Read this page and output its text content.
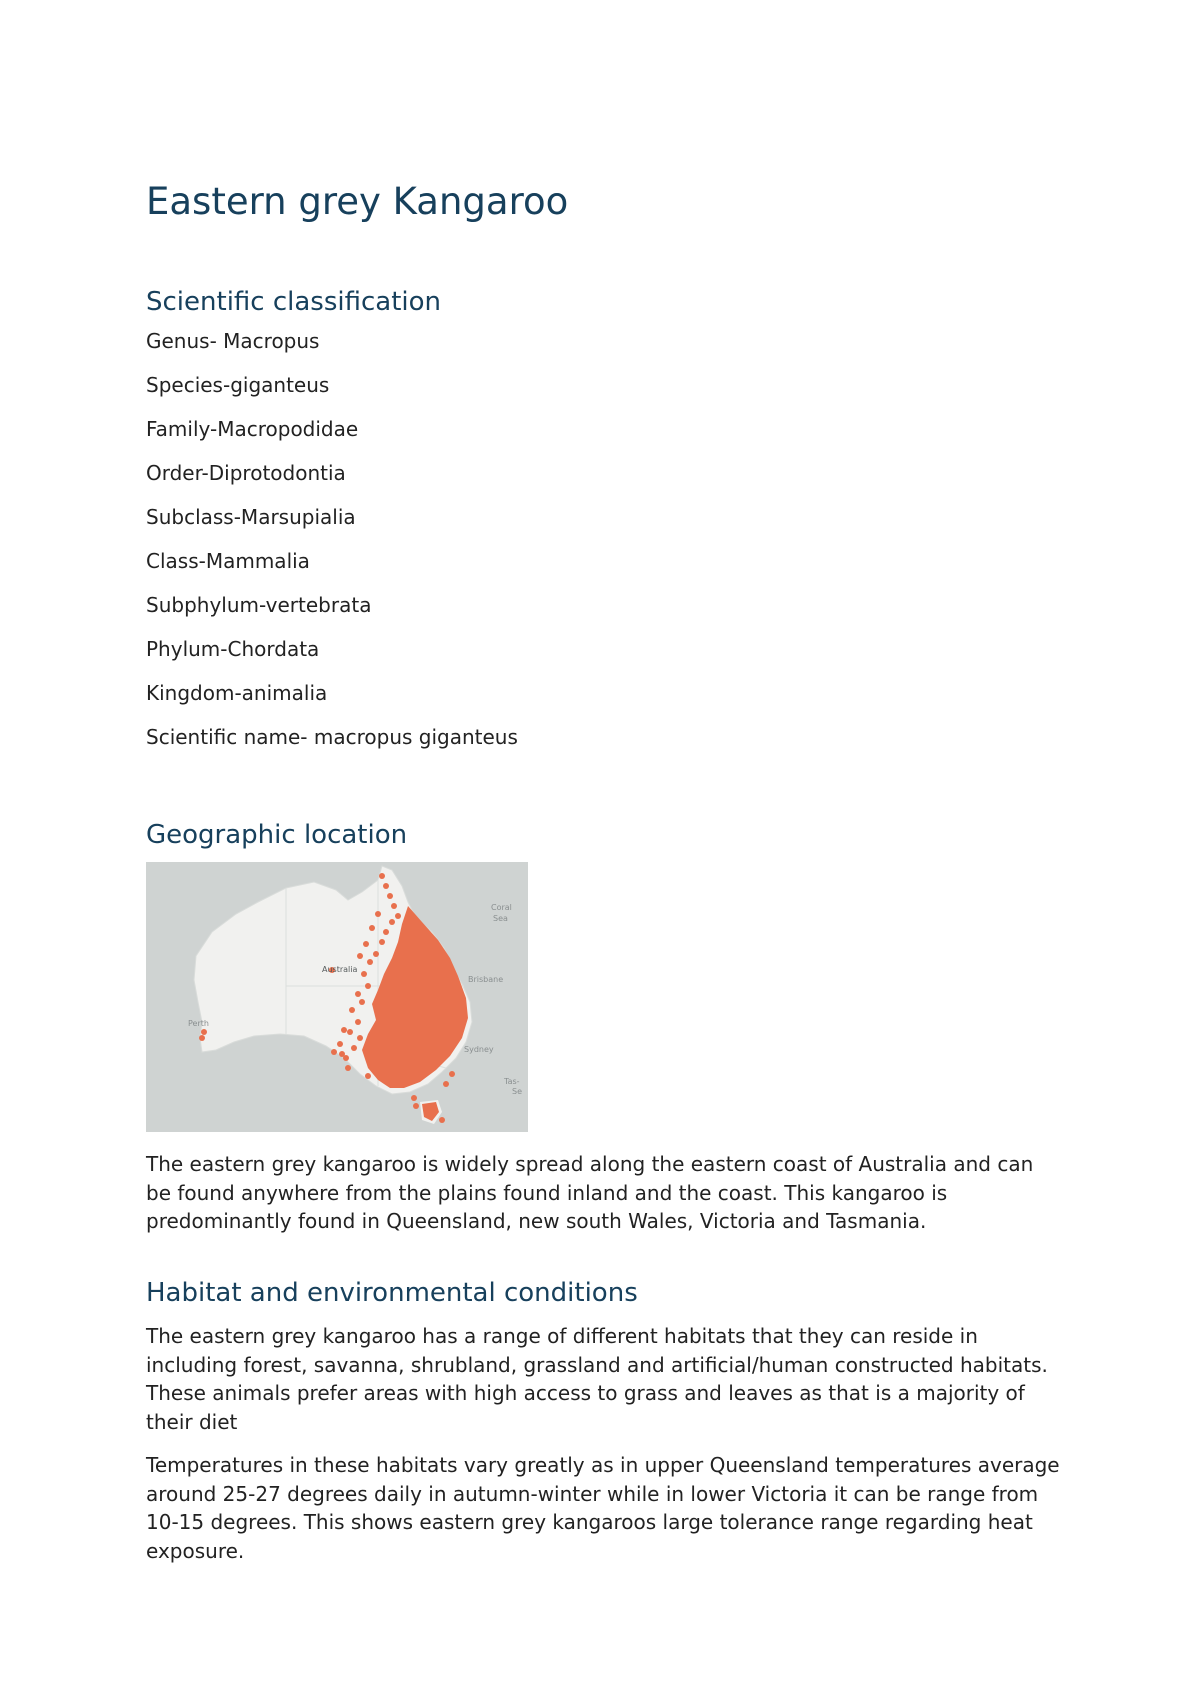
Eastern grey Kangaroo
Scientific classification
Genus- Macropus
Species-giganteus
Family-Macropodidae
Order-Diprotodontia
Subclass-Marsupialia
Class-Mammalia
Subphylum-vertebrata
Phylum-Chordata
Kingdom-animalia
Scientific name- macropus giganteus
Geographic location
Coral
Sea
Australia
Brisbane
Perth
Sydney
Tas-
Se

The eastern grey kangaroo is widely spread along the eastern coast of Australia and can be found anywhere from the plains found inland and the coast. This kangaroo is predominantly found in Queensland, new south Wales, Victoria and Tasmania.

Habitat and environmental conditions

The eastern grey kangaroo has a range of different habitats that they can reside in including forest, savanna, shrubland, grassland and artificial/human constructed habitats. These animals prefer areas with high access to grass and leaves as that is a majority of their diet

Temperatures in these habitats vary greatly as in upper Queensland temperatures average around 25-27 degrees daily in autumn-winter while in lower Victoria it can be range from 10-15 degrees. This shows eastern grey kangaroos large tolerance range regarding heat exposure.
